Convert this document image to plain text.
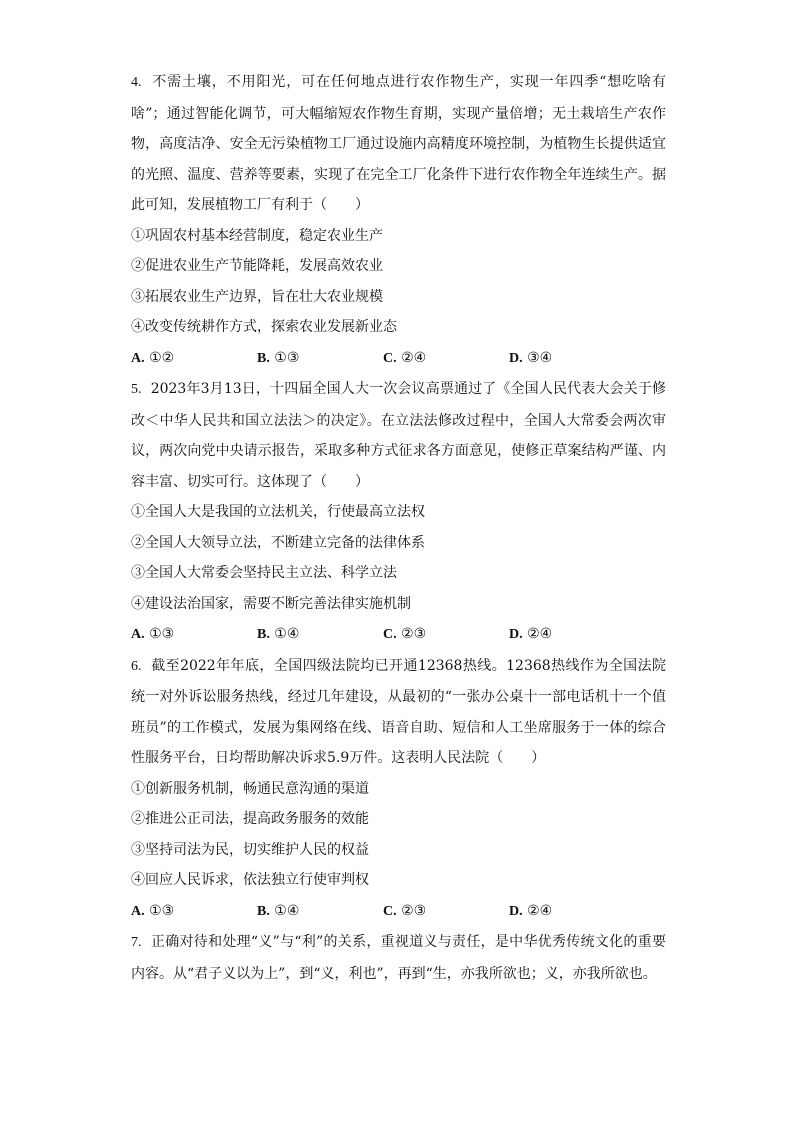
4. 不需土壤，不用阳光，可在任何地点进行农作物生产，实现一年四季“想吃啥有啥”；通过智能化调节，可大幅缩短农作物生育期，实现产量倍增；无土栽培生产农作物，高度洁净、安全无污染植物工厂通过设施内高精度环境控制，为植物生长提供适宜的光照、温度、营养等要素，实现了在完全工厂化条件下进行农作物全年连续生产。据此可知，发展植物工厂有利于（　　）

①巩固农村基本经营制度，稳定农业生产

②促进农业生产节能降耗，发展高效农业

③拓展农业生产边界，旨在壮大农业规模

④改变传统耕作方式，探索农业发展新业态

A. ①②	B. ①③	C. ②④	D. ③④

5. 2023年3月13日，十四届全国人大一次会议高票通过了《全国人民代表大会关于修改＜中华人民共和国立法法＞的决定》。在立法法修改过程中，全国人大常委会两次审议，两次向党中央请示报告，采取多种方式征求各方面意见，使修正草案结构严谨、内容丰富、切实可行。这体现了（　　）

①全国人大是我国的立法机关，行使最高立法权

②全国人大领导立法，不断建立完备的法律体系

③全国人大常委会坚持民主立法、科学立法

④建设法治国家，需要不断完善法律实施机制

A. ①③	B. ①④	C. ②③	D. ②④

6. 截至2022年年底，全国四级法院均已开通12368热线。12368热线作为全国法院统一对外诉讼服务热线，经过几年建设，从最初的“一张办公桌十一部电话机十一个值班员”的工作模式，发展为集网络在线、语音自助、短信和人工坐席服务于一体的综合性服务平台，日均帮助解决诉求5.9万件。这表明人民法院（　　）

①创新服务机制，畅通民意沟通的渠道

②推进公正司法，提高政务服务的效能

③坚持司法为民，切实维护人民的权益

④回应人民诉求，依法独立行使审判权

A. ①③	B. ①④	C. ②③	D. ②④

7. 正确对待和处理“义”与“利”的关系，重视道义与责任，是中华优秀传统文化的重要内容。从“君子义以为上”，到“义，利也”，再到“生，亦我所欲也；义，亦我所欲也。
